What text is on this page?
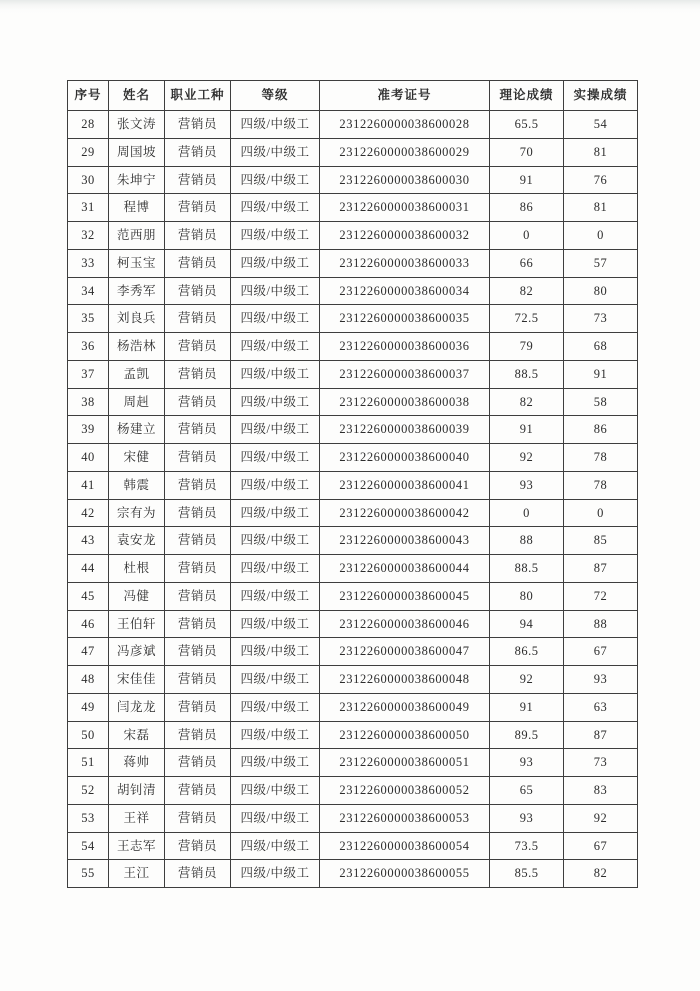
序号	姓名	职业工种	等级	准考证号	理论成绩	实操成绩
28	张文涛	营销员	四级/中级工	2312260000038600028	65.5	54
29	周国坡	营销员	四级/中级工	2312260000038600029	70	81
30	朱坤宁	营销员	四级/中级工	2312260000038600030	91	76
31	程博	营销员	四级/中级工	2312260000038600031	86	81
32	范西朋	营销员	四级/中级工	2312260000038600032	0	0
33	柯玉宝	营销员	四级/中级工	2312260000038600033	66	57
34	李秀军	营销员	四级/中级工	2312260000038600034	82	80
35	刘良兵	营销员	四级/中级工	2312260000038600035	72.5	73
36	杨浩林	营销员	四级/中级工	2312260000038600036	79	68
37	孟凯	营销员	四级/中级工	2312260000038600037	88.5	91
38	周赳	营销员	四级/中级工	2312260000038600038	82	58
39	杨建立	营销员	四级/中级工	2312260000038600039	91	86
40	宋健	营销员	四级/中级工	2312260000038600040	92	78
41	韩震	营销员	四级/中级工	2312260000038600041	93	78
42	宗有为	营销员	四级/中级工	2312260000038600042	0	0
43	袁安龙	营销员	四级/中级工	2312260000038600043	88	85
44	杜根	营销员	四级/中级工	2312260000038600044	88.5	87
45	冯健	营销员	四级/中级工	2312260000038600045	80	72
46	王伯轩	营销员	四级/中级工	2312260000038600046	94	88
47	冯彦斌	营销员	四级/中级工	2312260000038600047	86.5	67
48	宋佳佳	营销员	四级/中级工	2312260000038600048	92	93
49	闫龙龙	营销员	四级/中级工	2312260000038600049	91	63
50	宋磊	营销员	四级/中级工	2312260000038600050	89.5	87
51	蒋帅	营销员	四级/中级工	2312260000038600051	93	73
52	胡钊清	营销员	四级/中级工	2312260000038600052	65	83
53	王祥	营销员	四级/中级工	2312260000038600053	93	92
54	王志军	营销员	四级/中级工	2312260000038600054	73.5	67
55	王江	营销员	四级/中级工	2312260000038600055	85.5	82
